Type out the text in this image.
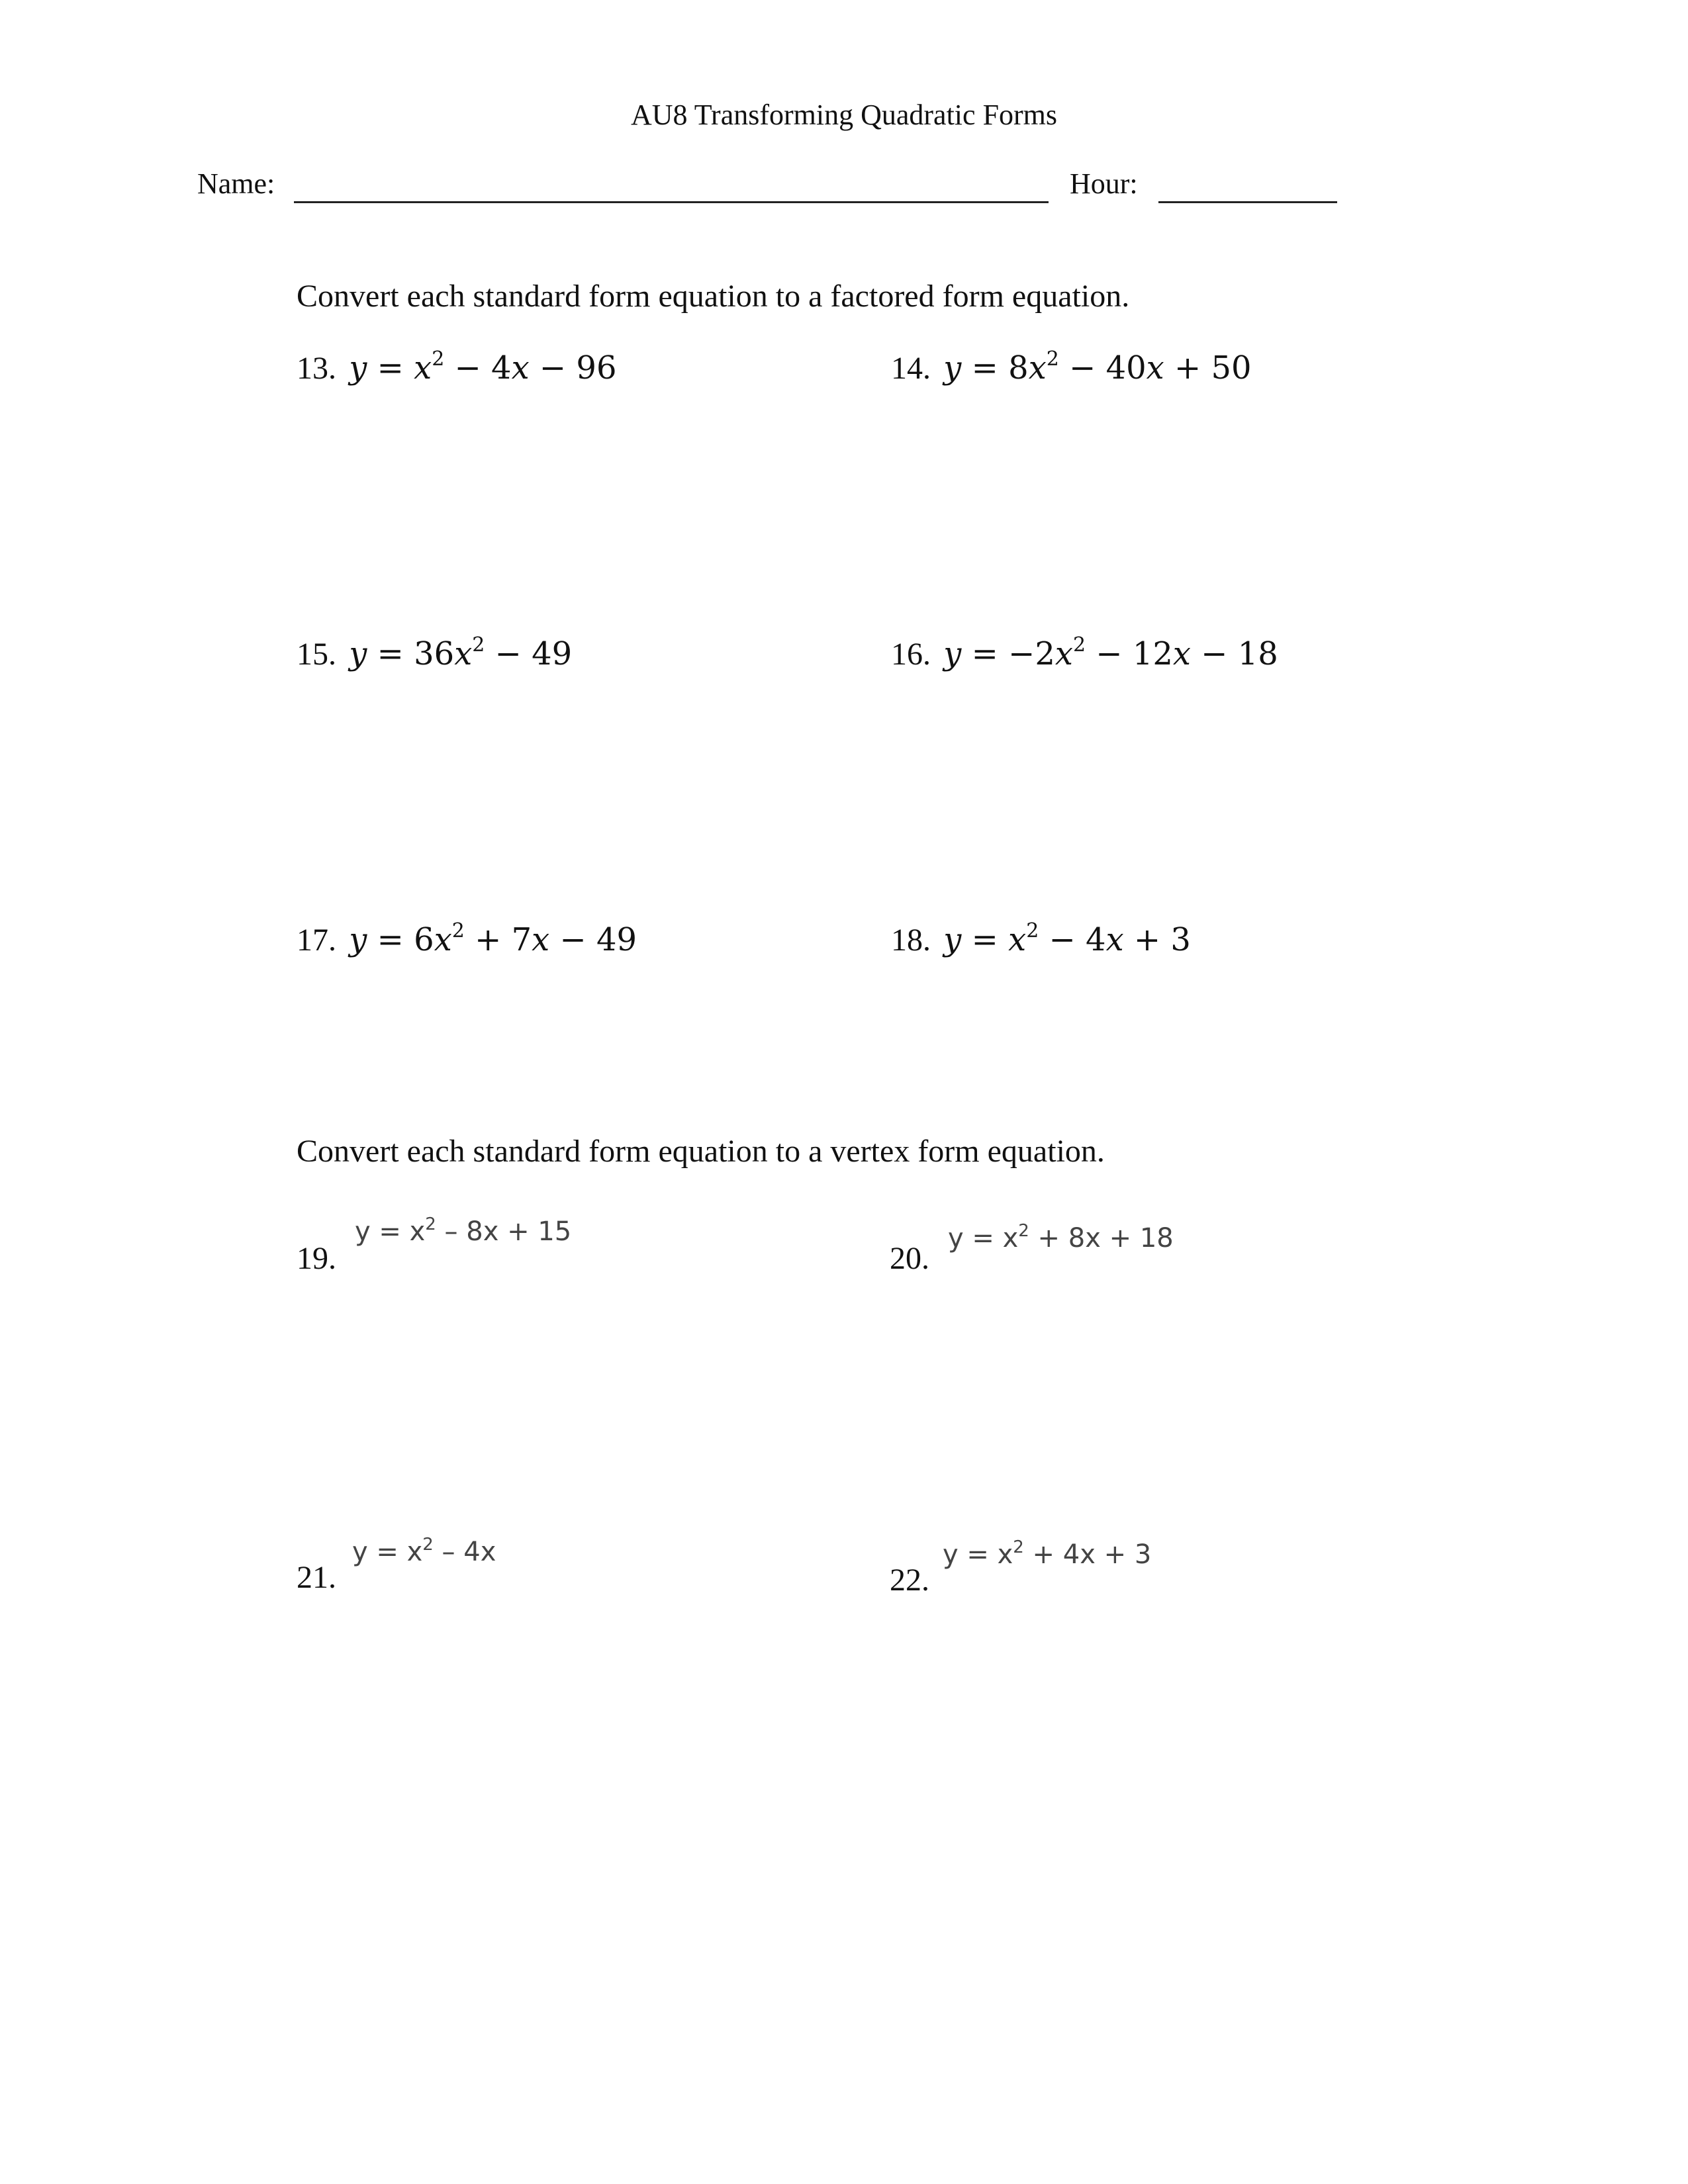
AU8 Transforming Quadratic Forms
Name:	Hour:
Convert each standard form equation to a factored form equation.
13. $y = x^2 - 4x - 96$	14. $y = 8x^2 - 40x + 50$
15. $y = 36x^2 - 49$	16. $y = -2x^2 - 12x - 18$
17. $y = 6x^2 + 7x - 49$	18. $y = x^2 - 4x + 3$
Convert each standard form equation to a vertex form equation.
19.
$y = x^2 - 8x + 15$
20.
$y = x^2 + 8x + 18$
21.
$y = x^2 - 4x$
22.
$y = x^2 + 4x + 3$
